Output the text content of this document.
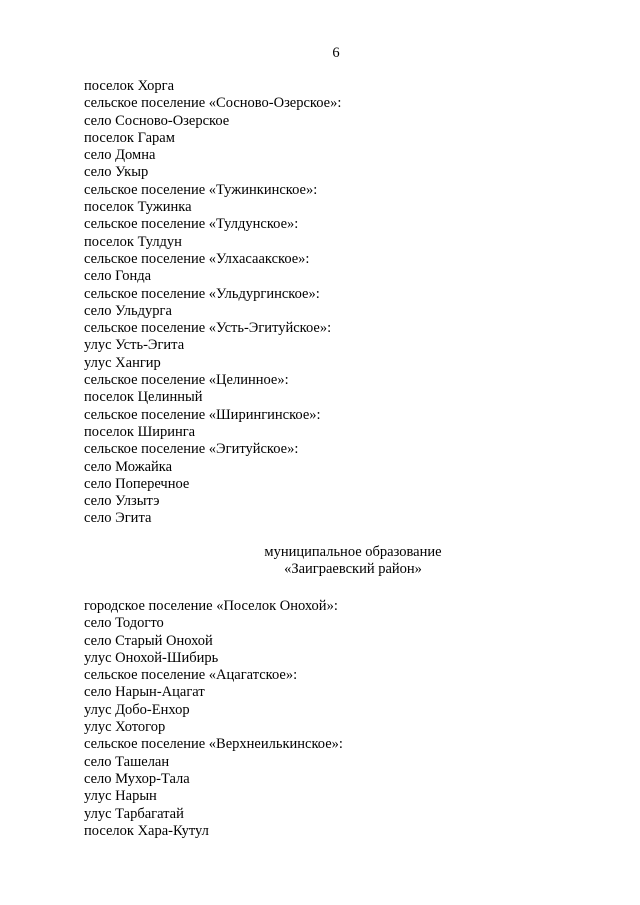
6
поселок Хорга
сельское поселение «Сосново-Озерское»:
село Сосново-Озерское
поселок Гарам
село Домна
село Укыр
сельское поселение «Тужинкинское»:
поселок Тужинка
сельское поселение «Тулдунское»:
поселок Тулдун
сельское поселение «Улхасаакское»:
село Гонда
сельское поселение «Ульдургинское»:
село Ульдурга
сельское поселение «Усть-Эгитуйское»:
улус Усть-Эгита
улус Хангир
сельское поселение «Целинное»:
поселок Целинный
сельское поселение «Ширингинское»:
поселок Ширинга
сельское поселение «Эгитуйское»:
село Можайка
село Поперечное
село Улзытэ
село Эгита
муниципальное образование
«Заиграевский район»
городское поселение «Поселок Онохой»:
село Тодогто
село Старый Онохой
улус Онохой-Шибирь
сельское поселение «Ацагатское»:
село Нарын-Ацагат
улус Добо-Енхор
улус Хотогор
сельское поселение «Верхнеилькинское»:
село Ташелан
село Мухор-Тала
улус Нарын
улус Тарбагатай
поселок Хара-Кутул
